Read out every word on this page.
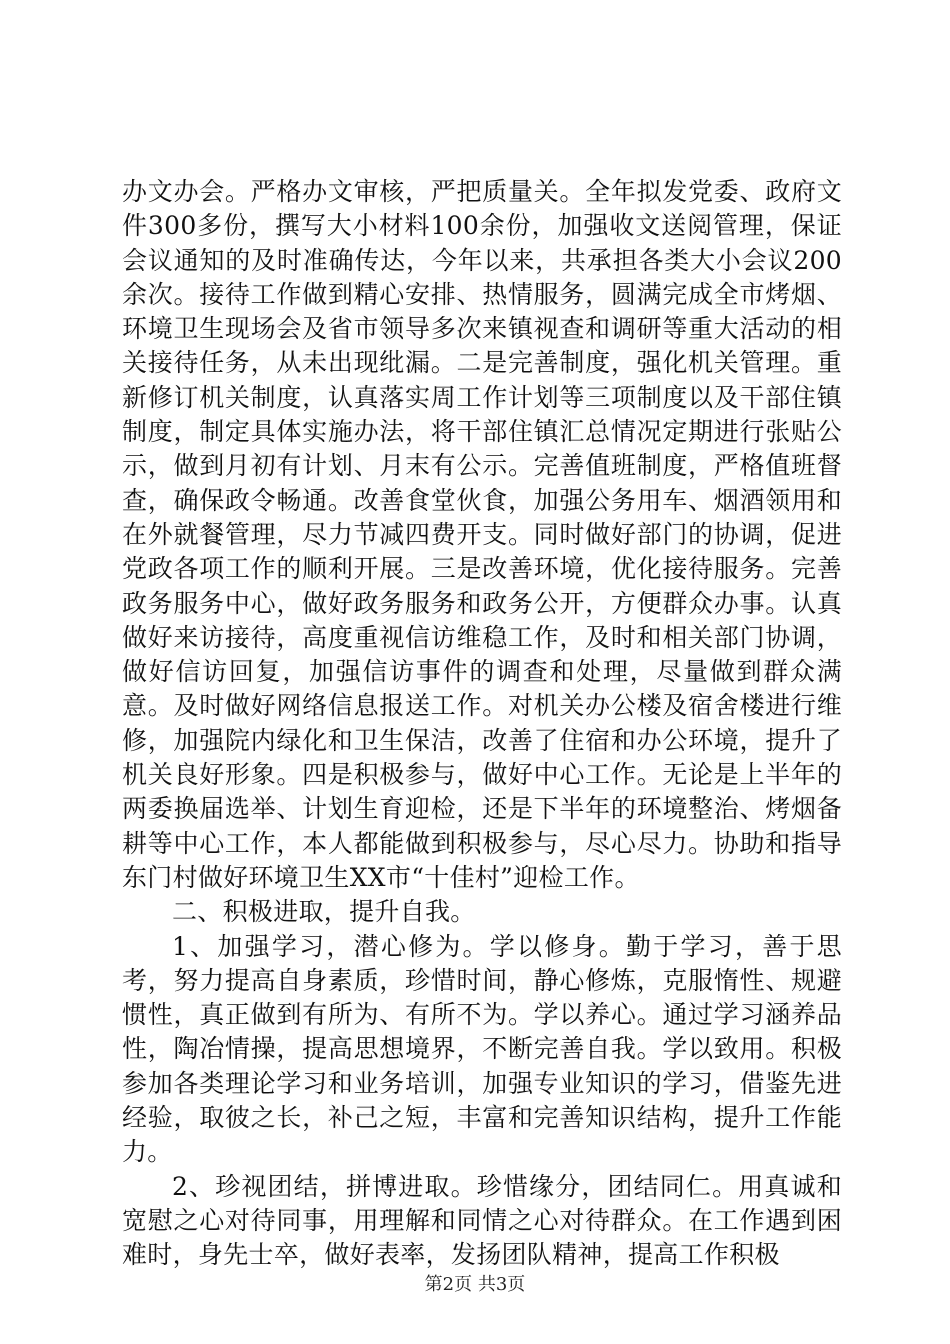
办文办会。严格办文审核，严把质量关。全年拟发党委、政府文件300多份，撰写大小材料100余份，加强收文送阅管理，保证会议通知的及时准确传达，今年以来，共承担各类大小会议200余次。接待工作做到精心安排、热情服务，圆满完成全市烤烟、环境卫生现场会及省市领导多次来镇视查和调研等重大活动的相关接待任务，从未出现纰漏。二是完善制度，强化机关管理。重新修订机关制度，认真落实周工作计划等三项制度以及干部住镇制度，制定具体实施办法，将干部住镇汇总情况定期进行张贴公示，做到月初有计划、月末有公示。完善值班制度，严格值班督查，确保政令畅通。改善食堂伙食，加强公务用车、烟酒领用和在外就餐管理，尽力节减四费开支。同时做好部门的协调，促进党政各项工作的顺利开展。三是改善环境，优化接待服务。完善政务服务中心，做好政务服务和政务公开，方便群众办事。认真做好来访接待，高度重视信访维稳工作，及时和相关部门协调，做好信访回复，加强信访事件的调查和处理，尽量做到群众满意。及时做好网络信息报送工作。对机关办公楼及宿舍楼进行维修，加强院内绿化和卫生保洁，改善了住宿和办公环境，提升了机关良好形象。四是积极参与，做好中心工作。无论是上半年的两委换届选举、计划生育迎检，还是下半年的环境整治、烤烟备耕等中心工作，本人都能做到积极参与，尽心尽力。协助和指导东门村做好环境卫生XX市“十佳村”迎检工作。

二、积极进取，提升自我。

1、加强学习，潜心修为。学以修身。勤于学习，善于思考，努力提高自身素质，珍惜时间，静心修炼，克服惰性、规避惯性，真正做到有所为、有所不为。学以养心。通过学习涵养品性，陶冶情操，提高思想境界，不断完善自我。学以致用。积极参加各类理论学习和业务培训，加强专业知识的学习，借鉴先进经验，取彼之长，补己之短，丰富和完善知识结构，提升工作能力。

2、珍视团结，拼博进取。珍惜缘分，团结同仁。用真诚和宽慰之心对待同事，用理解和同情之心对待群众。在工作遇到困难时，身先士卒，做好表率，发扬团队精神，提高工作积极

第2页 共3页
